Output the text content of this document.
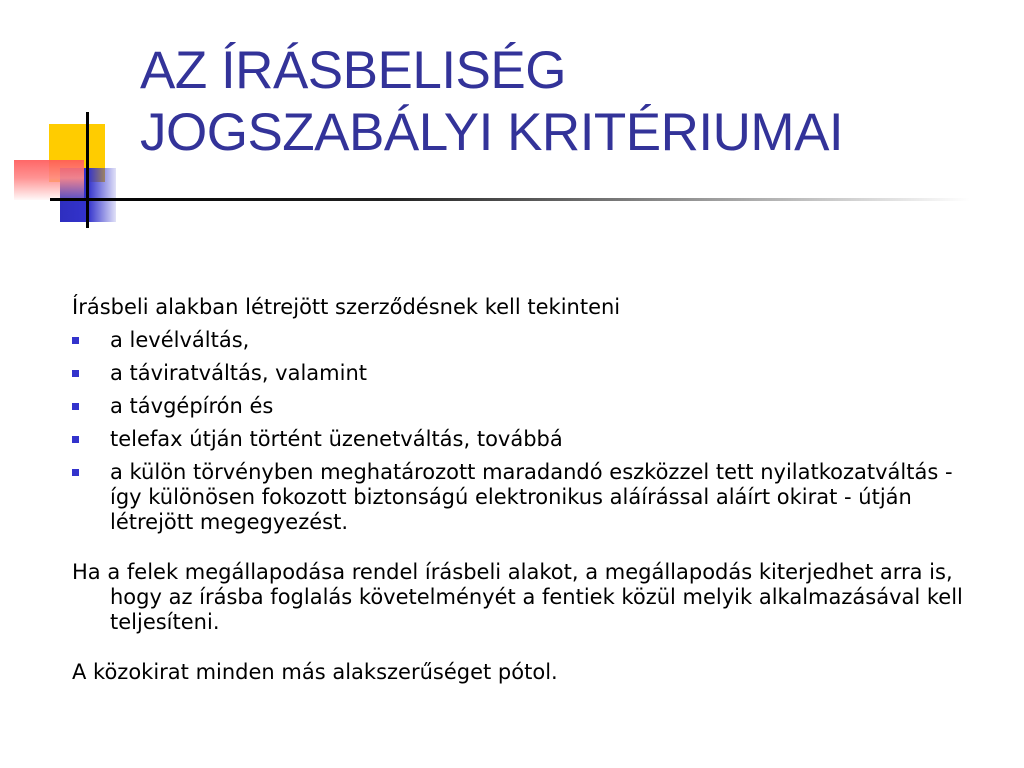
AZ ÍRÁSBELISÉG
JOGSZABÁLYI KRITÉRIUMAI

Írásbeli alakban létrejött szerződésnek kell tekinteni

a levélváltás,
a táviratváltás, valamint
a távgépírón és
telefax útján történt üzenetváltás, továbbá
a külön törvényben meghatározott maradandó eszközzel tett nyilatkozatváltás - így különösen fokozott biztonságú elektronikus aláírással aláírt okirat - útján létrejött megegyezést.

Ha a felek megállapodása rendel írásbeli alakot, a megállapodás kiterjedhet arra is, hogy az írásba foglalás követelményét a fentiek közül melyik alkalmazásával kell teljesíteni.

A közokirat minden más alakszerűséget pótol.
